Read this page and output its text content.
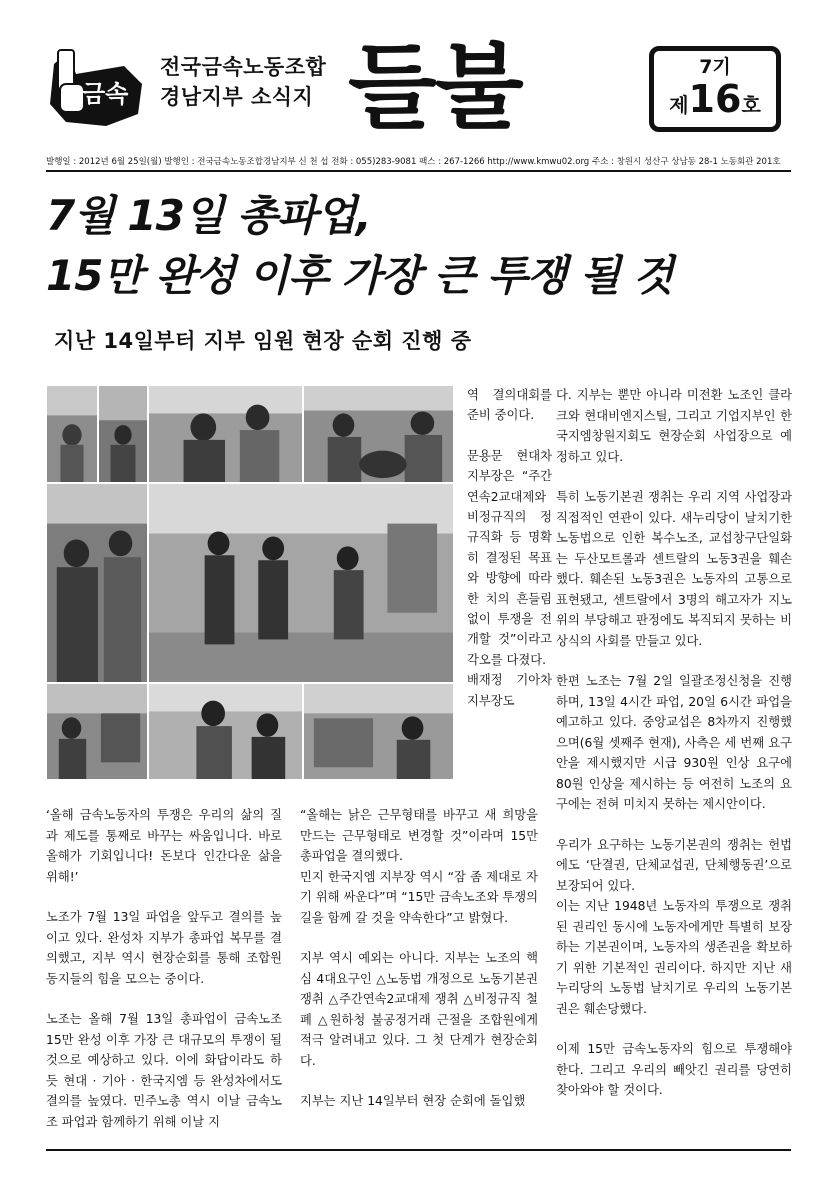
금속
전국금속노동조합
경남지부 소식지 들불	7기
제16호
발행일 : 2012년 6월 25일(월) 발행인 : 전국금속노동조합경남지부 신 천 섭 전화 : 055)283-9081 팩스 : 267-1266 http://www.kmwu02.org 주소 : 창원시 성산구 상남동 28-1 노동회관 201호
7월 13일 총파업,
15만 완성 이후 가장 큰 투쟁 될 것
지난 14일부터 지부 임원 현장 순회 진행 중

역 결의대회를 준비 중이다.

문용문 현대차 지부장은 “주간연속2교대제와 비정규직의 정규직화 등 명확히 결정된 목표와 방향에 따라 한 치의 흔들림 없이 투쟁을 전개할 것”이라고 각오를 다졌다.

배재정 기아차 지부장도

‘올해 금속노동자의 투쟁은 우리의 삶의 질과 제도를 통째로 바꾸는 싸움입니다. 바로 올해가 기회입니다! 돈보다 인간다운 삶을 위해!’

노조가 7월 13일 파업을 앞두고 결의를 높이고 있다. 완성차 지부가 총파업 복무를 결의했고, 지부 역시 현장순회를 통해 조합원 동지들의 힘을 모으는 중이다.

노조는 올해 7월 13일 총파업이 금속노조 15만 완성 이후 가장 큰 대규모의 투쟁이 될 것으로 예상하고 있다. 이에 화답이라도 하 듯 현대 · 기아 · 한국지엠 등 완성차에서도 결의를 높였다. 민주노총 역시 이날 금속노조 파업과 함께하기 위해 이날 지

“올해는 낡은 근무형태를 바꾸고 새 희망을 만드는 근무형태로 변경할 것”이라며 15만 총파업을 결의했다.

민지 한국지엠 지부장 역시 “잠 좀 제대로 자기 위해 싸운다”며 “15만 금속노조와 투쟁의 길을 함께 갈 것을 약속한다”고 밝혔다.

지부 역시 예외는 아니다. 지부는 노조의 핵심 4대요구인 △노동법 개정으로 노동기본권 쟁취 △주간연속2교대제 쟁취 △비정규직 철폐 △원하청 불공정거래 근절을 조합원에게 적극 알려내고 있다. 그 첫 단계가 현장순회다.

지부는 지난 14일부터 현장 순회에 돌입했

다. 지부는 뿐만 아니라 미전환 노조인 클라크와 현대비엔지스틸, 그리고 기업지부인 한국지엠창원지회도 현장순회 사업장으로 예정하고 있다.

특히 노동기본권 쟁취는 우리 지역 사업장과 직접적인 연관이 있다. 새누리당이 날치기한 노동법으로 인한 복수노조, 교섭창구단일화는 두산모트롤과 센트랄의 노동3권을 훼손했다. 훼손된 노동3권은 노동자의 고통으로 표현됐고, 센트랄에서 3명의 해고자가 지노위의 부당해고 판정에도 복직되지 못하는 비상식의 사회를 만들고 있다.

한편 노조는 7월 2일 일괄조정신청을 진행하며, 13일 4시간 파업, 20일 6시간 파업을 예고하고 있다. 중앙교섭은 8차까지 진행했으며(6월 셋째주 현재), 사측은 세 번째 요구안을 제시했지만 시급 930원 인상 요구에 80원 인상을 제시하는 등 여전히 노조의 요구에는 전혀 미치지 못하는 제시안이다.

우리가 요구하는 노동기본권의 쟁취는 헌법에도 ‘단결권, 단체교섭권, 단체행동권’으로 보장되어 있다.

이는 지난 1948년 노동자의 투쟁으로 쟁취된 권리인 동시에 노동자에게만 특별히 보장하는 기본권이며, 노동자의 생존권을 확보하기 위한 기본적인 권리이다. 하지만 지난 새누리당의 노동법 날치기로 우리의 노동기본권은 훼손당했다.

이제 15만 금속노동자의 힘으로 투쟁해야 한다. 그리고 우리의 빼앗긴 권리를 당연히 찾아와야 할 것이다.
